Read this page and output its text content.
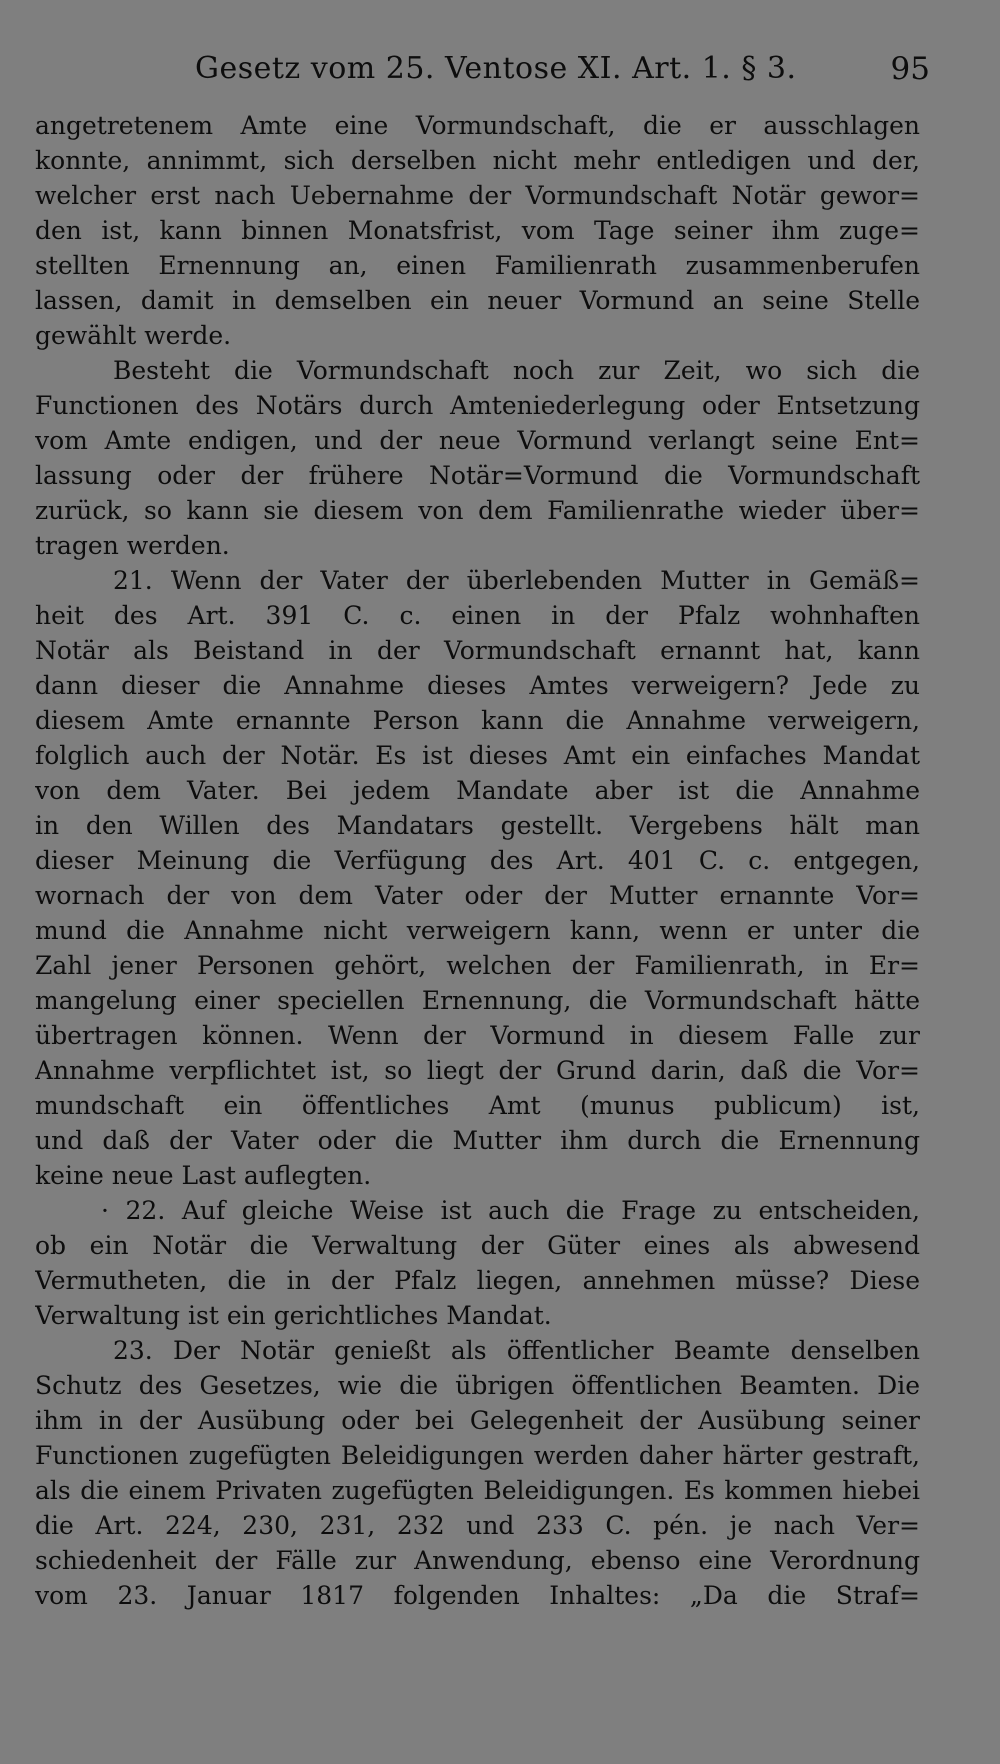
Gesetz vom 25. Ventose XI. Art. 1. § 3.	95
angetretenem Amte eine Vormundschaft, die er ausschlagen
konnte, annimmt, sich derselben nicht mehr entledigen und der,
welcher erst nach Uebernahme der Vormundschaft Notär gewor=
den ist, kann binnen Monatsfrist, vom Tage seiner ihm zuge=
stellten Ernennung an, einen Familienrath zusammenberufen
lassen, damit in demselben ein neuer Vormund an seine Stelle
gewählt werde.
Besteht die Vormundschaft noch zur Zeit, wo sich die
Functionen des Notärs durch Amteniederlegung oder Entsetzung
vom Amte endigen, und der neue Vormund verlangt seine Ent=
lassung oder der frühere Notär=Vormund die Vormundschaft
zurück, so kann sie diesem von dem Familienrathe wieder über=
tragen werden.
21. Wenn der Vater der überlebenden Mutter in Gemäß=
heit des Art. 391 C. c. einen in der Pfalz wohnhaften
Notär als Beistand in der Vormundschaft ernannt hat, kann
dann dieser die Annahme dieses Amtes verweigern? Jede zu
diesem Amte ernannte Person kann die Annahme verweigern,
folglich auch der Notär. Es ist dieses Amt ein einfaches Mandat
von dem Vater. Bei jedem Mandate aber ist die Annahme
in den Willen des Mandatars gestellt. Vergebens hält man
dieser Meinung die Verfügung des Art. 401 C. c. entgegen,
wornach der von dem Vater oder der Mutter ernannte Vor=
mund die Annahme nicht verweigern kann, wenn er unter die
Zahl jener Personen gehört, welchen der Familienrath, in Er=
mangelung einer speciellen Ernennung, die Vormundschaft hätte
übertragen können. Wenn der Vormund in diesem Falle zur
Annahme verpflichtet ist, so liegt der Grund darin, daß die Vor=
mundschaft ein öffentliches Amt (munus publicum) ist,
und daß der Vater oder die Mutter ihm durch die Ernennung
keine neue Last auflegten.
· 22. Auf gleiche Weise ist auch die Frage zu entscheiden,
ob ein Notär die Verwaltung der Güter eines als abwesend
Vermutheten, die in der Pfalz liegen, annehmen müsse? Diese
Verwaltung ist ein gerichtliches Mandat.
23. Der Notär genießt als öffentlicher Beamte denselben
Schutz des Gesetzes, wie die übrigen öffentlichen Beamten. Die
ihm in der Ausübung oder bei Gelegenheit der Ausübung seiner
Functionen zugefügten Beleidigungen werden daher härter gestraft,
als die einem Privaten zugefügten Beleidigungen. Es kommen hiebei
die Art. 224, 230, 231, 232 und 233 C. pén. je nach Ver=
schiedenheit der Fälle zur Anwendung, ebenso eine Verordnung
vom 23. Januar 1817 folgenden Inhaltes: „Da die Straf=
